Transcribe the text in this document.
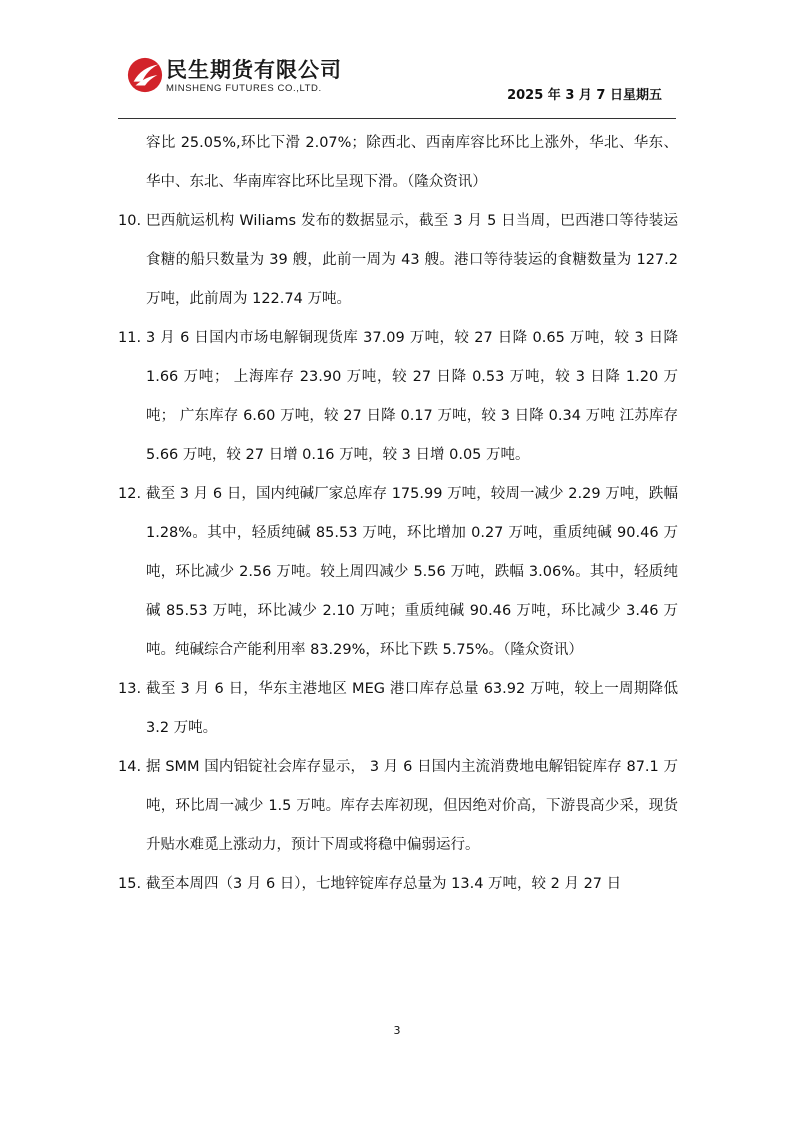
民生期货有限公司
MINSHENG FUTURES CO.,LTD.	2025 年 3 月 7 日星期五
容比 25.05%,环比下滑 2.07%；除西北、西南库容比环比上涨外，华北、华东、华中、东北、华南库容比环比呈现下滑。（隆众资讯）
10. 巴西航运机构 Wiliams 发布的数据显示，截至 3 月 5 日当周，巴西港口等待装运食糖的船只数量为 39 艘，此前一周为 43 艘。港口等待装运的食糖数量为 127.2 万吨，此前周为 122.74 万吨。
11. 3 月 6 日国内市场电解铜现货库 37.09 万吨，较 27 日降 0.65 万吨，较 3 日降 1.66 万吨； 上海库存 23.90 万吨，较 27 日降 0.53 万吨，较 3 日降 1.20 万吨； 广东库存 6.60 万吨，较 27 日降 0.17 万吨，较 3 日降 0.34 万吨 江苏库存 5.66 万吨，较 27 日增 0.16 万吨，较 3 日增 0.05 万吨。
12. 截至 3 月 6 日，国内纯碱厂家总库存 175.99 万吨，较周一减少 2.29 万吨，跌幅 1.28%。其中，轻质纯碱 85.53 万吨，环比增加 0.27 万吨，重质纯碱 90.46 万吨，环比减少 2.56 万吨。较上周四减少 5.56 万吨，跌幅 3.06%。其中，轻质纯碱 85.53 万吨，环比减少 2.10 万吨；重质纯碱 90.46 万吨，环比减少 3.46 万吨。纯碱综合产能利用率 83.29%，环比下跌 5.75%。（隆众资讯）
13. 截至 3 月 6 日，华东主港地区 MEG 港口库存总量 63.92 万吨，较上一周期降低 3.2 万吨。
14. 据 SMM 国内铝锭社会库存显示， 3 月 6 日国内主流消费地电解铝锭库存 87.1 万吨，环比周一减少 1.5 万吨。库存去库初现，但因绝对价高，下游畏高少采，现货升贴水难觅上涨动力，预计下周或将稳中偏弱运行。
15. 截至本周四（3 月 6 日），七地锌锭库存总量为 13.4 万吨，较 2 月 27 日
3
